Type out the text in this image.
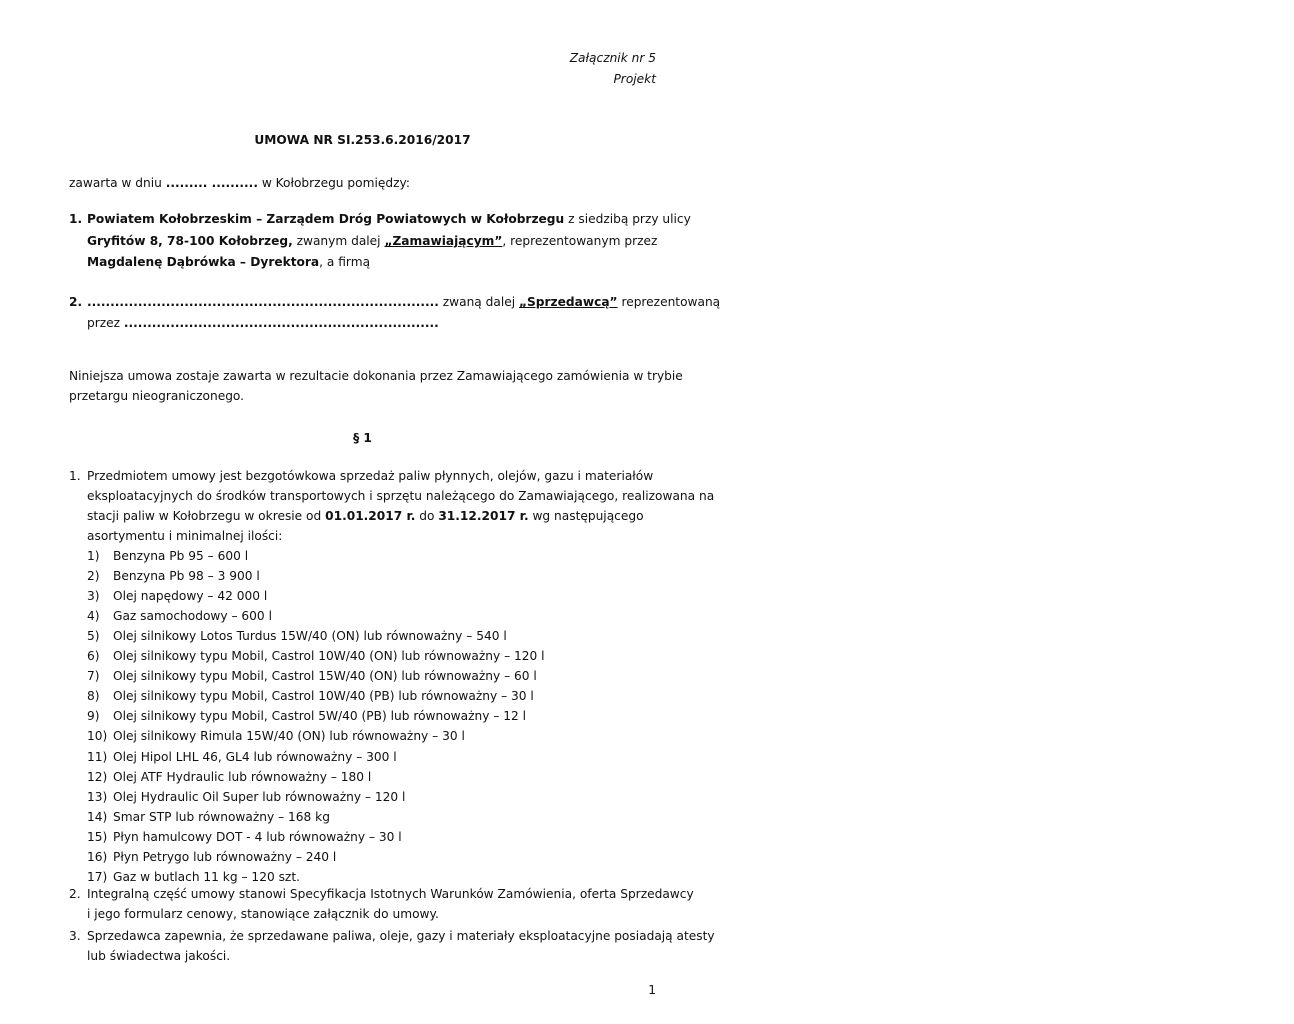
Załącznik nr 5
Projekt
UMOWA NR SI.253.6.2016/2017
zawarta w dniu ......... .......... w Kołobrzegu pomiędzy:
1. Powiatem Kołobrzeskim – Zarządem Dróg Powiatowych w Kołobrzegu z siedzibą przy ulicy
Gryfitów 8, 78-100 Kołobrzeg, zwanym dalej „Zamawiającym”, reprezentowanym przez
Magdalenę Dąbrówka – Dyrektora, a firmą
2. ............................................................................ zwaną dalej „Sprzedawcą” reprezentowaną
przez ....................................................................
Niniejsza umowa zostaje zawarta w rezultacie dokonania przez Zamawiającego zamówienia w trybie
przetargu nieograniczonego.
§ 1
1. Przedmiotem umowy jest bezgotówkowa sprzedaż paliw płynnych, olejów, gazu i materiałów
eksploatacyjnych do środków transportowych i sprzętu należącego do Zamawiającego, realizowana na
stacji paliw w Kołobrzegu w okresie od 01.01.2017 r. do 31.12.2017 r. wg następującego
asortymentu i minimalnej ilości:
1) Benzyna Pb 95 – 600 l
2) Benzyna Pb 98 – 3 900 l
3) Olej napędowy – 42 000 l
4) Gaz samochodowy – 600 l
5) Olej silnikowy Lotos Turdus 15W/40 (ON) lub równoważny – 540 l
6) Olej silnikowy typu Mobil, Castrol 10W/40 (ON) lub równoważny – 120 l
7) Olej silnikowy typu Mobil, Castrol 15W/40 (ON) lub równoważny – 60 l
8) Olej silnikowy typu Mobil, Castrol 10W/40 (PB) lub równoważny – 30 l
9) Olej silnikowy typu Mobil, Castrol 5W/40 (PB) lub równoważny – 12 l
10) Olej silnikowy Rimula 15W/40 (ON) lub równoważny – 30 l
11) Olej Hipol LHL 46, GL4 lub równoważny – 300 l
12) Olej ATF Hydraulic lub równoważny – 180 l
13) Olej Hydraulic Oil Super lub równoważny – 120 l
14) Smar STP lub równoważny – 168 kg
15) Płyn hamulcowy DOT - 4 lub równoważny – 30 l
16) Płyn Petrygo lub równoważny – 240 l
17) Gaz w butlach 11 kg – 120 szt.
2. Integralną część umowy stanowi Specyfikacja Istotnych Warunków Zamówienia, oferta Sprzedawcy
i jego formularz cenowy, stanowiące załącznik do umowy.
3. Sprzedawca zapewnia, że sprzedawane paliwa, oleje, gazy i materiały eksploatacyjne posiadają atesty
lub świadectwa jakości.
1
